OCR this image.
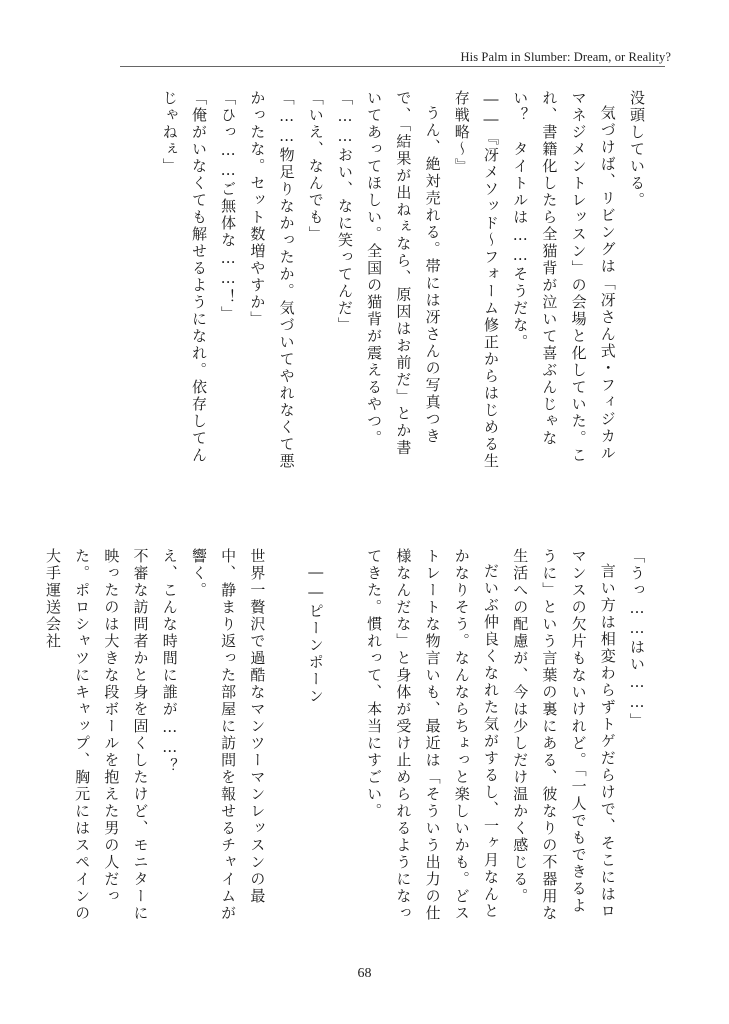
His Palm in Slumber: Dream, or Reality?

没頭している。

気づけば、リビングは「冴さん式・フィジカルマネジメントレッスン」の会場と化していた。これ、書籍化したら全猫背が泣いて喜ぶんじゃない？　タイトルは……そうだな。

――『冴メソッド～フォーム修正からはじめる生存戦略～』

うん、絶対売れる。帯には冴さんの写真つきで、「結果が出ねぇなら、原因はお前だ」とか書いてあってほしい。全国の猫背が震えるやつ。

「……おい、なに笑ってんだ」

「いえ、なんでも」

「……物足りなかったか。気づいてやれなくて悪かったな。セット数増やすか」

「ひっ……ご無体な……！」

「俺がいなくても解せるようになれ。依存してんじゃねぇ」

「うっ……はい……」

言い方は相変わらずトゲだらけで、そこにはロマンスの欠片もないけれど。「一人でもできるように」という言葉の裏にある、彼なりの不器用な生活への配慮が、今は少しだけ温かく感じる。

だいぶ仲良くなれた気がするし、一ヶ月なんとかなりそう。なんならちょっと楽しいかも。どストレートな物言いも、最近は「そういう出力の仕様なんだな」と身体が受け止められるようになってきた。慣れって、本当にすごい。

――ピーンポーン

世界一贅沢で過酷なマンツーマンレッスンの最中、静まり返った部屋に訪問を報せるチャイムが響く。

え、こんな時間に誰が……？

不審な訪問者かと身を固くしたけど、モニターに映ったのは大きな段ボールを抱えた男の人だった。ポロシャツにキャップ、胸元にはスペインの大手運送会社

68
